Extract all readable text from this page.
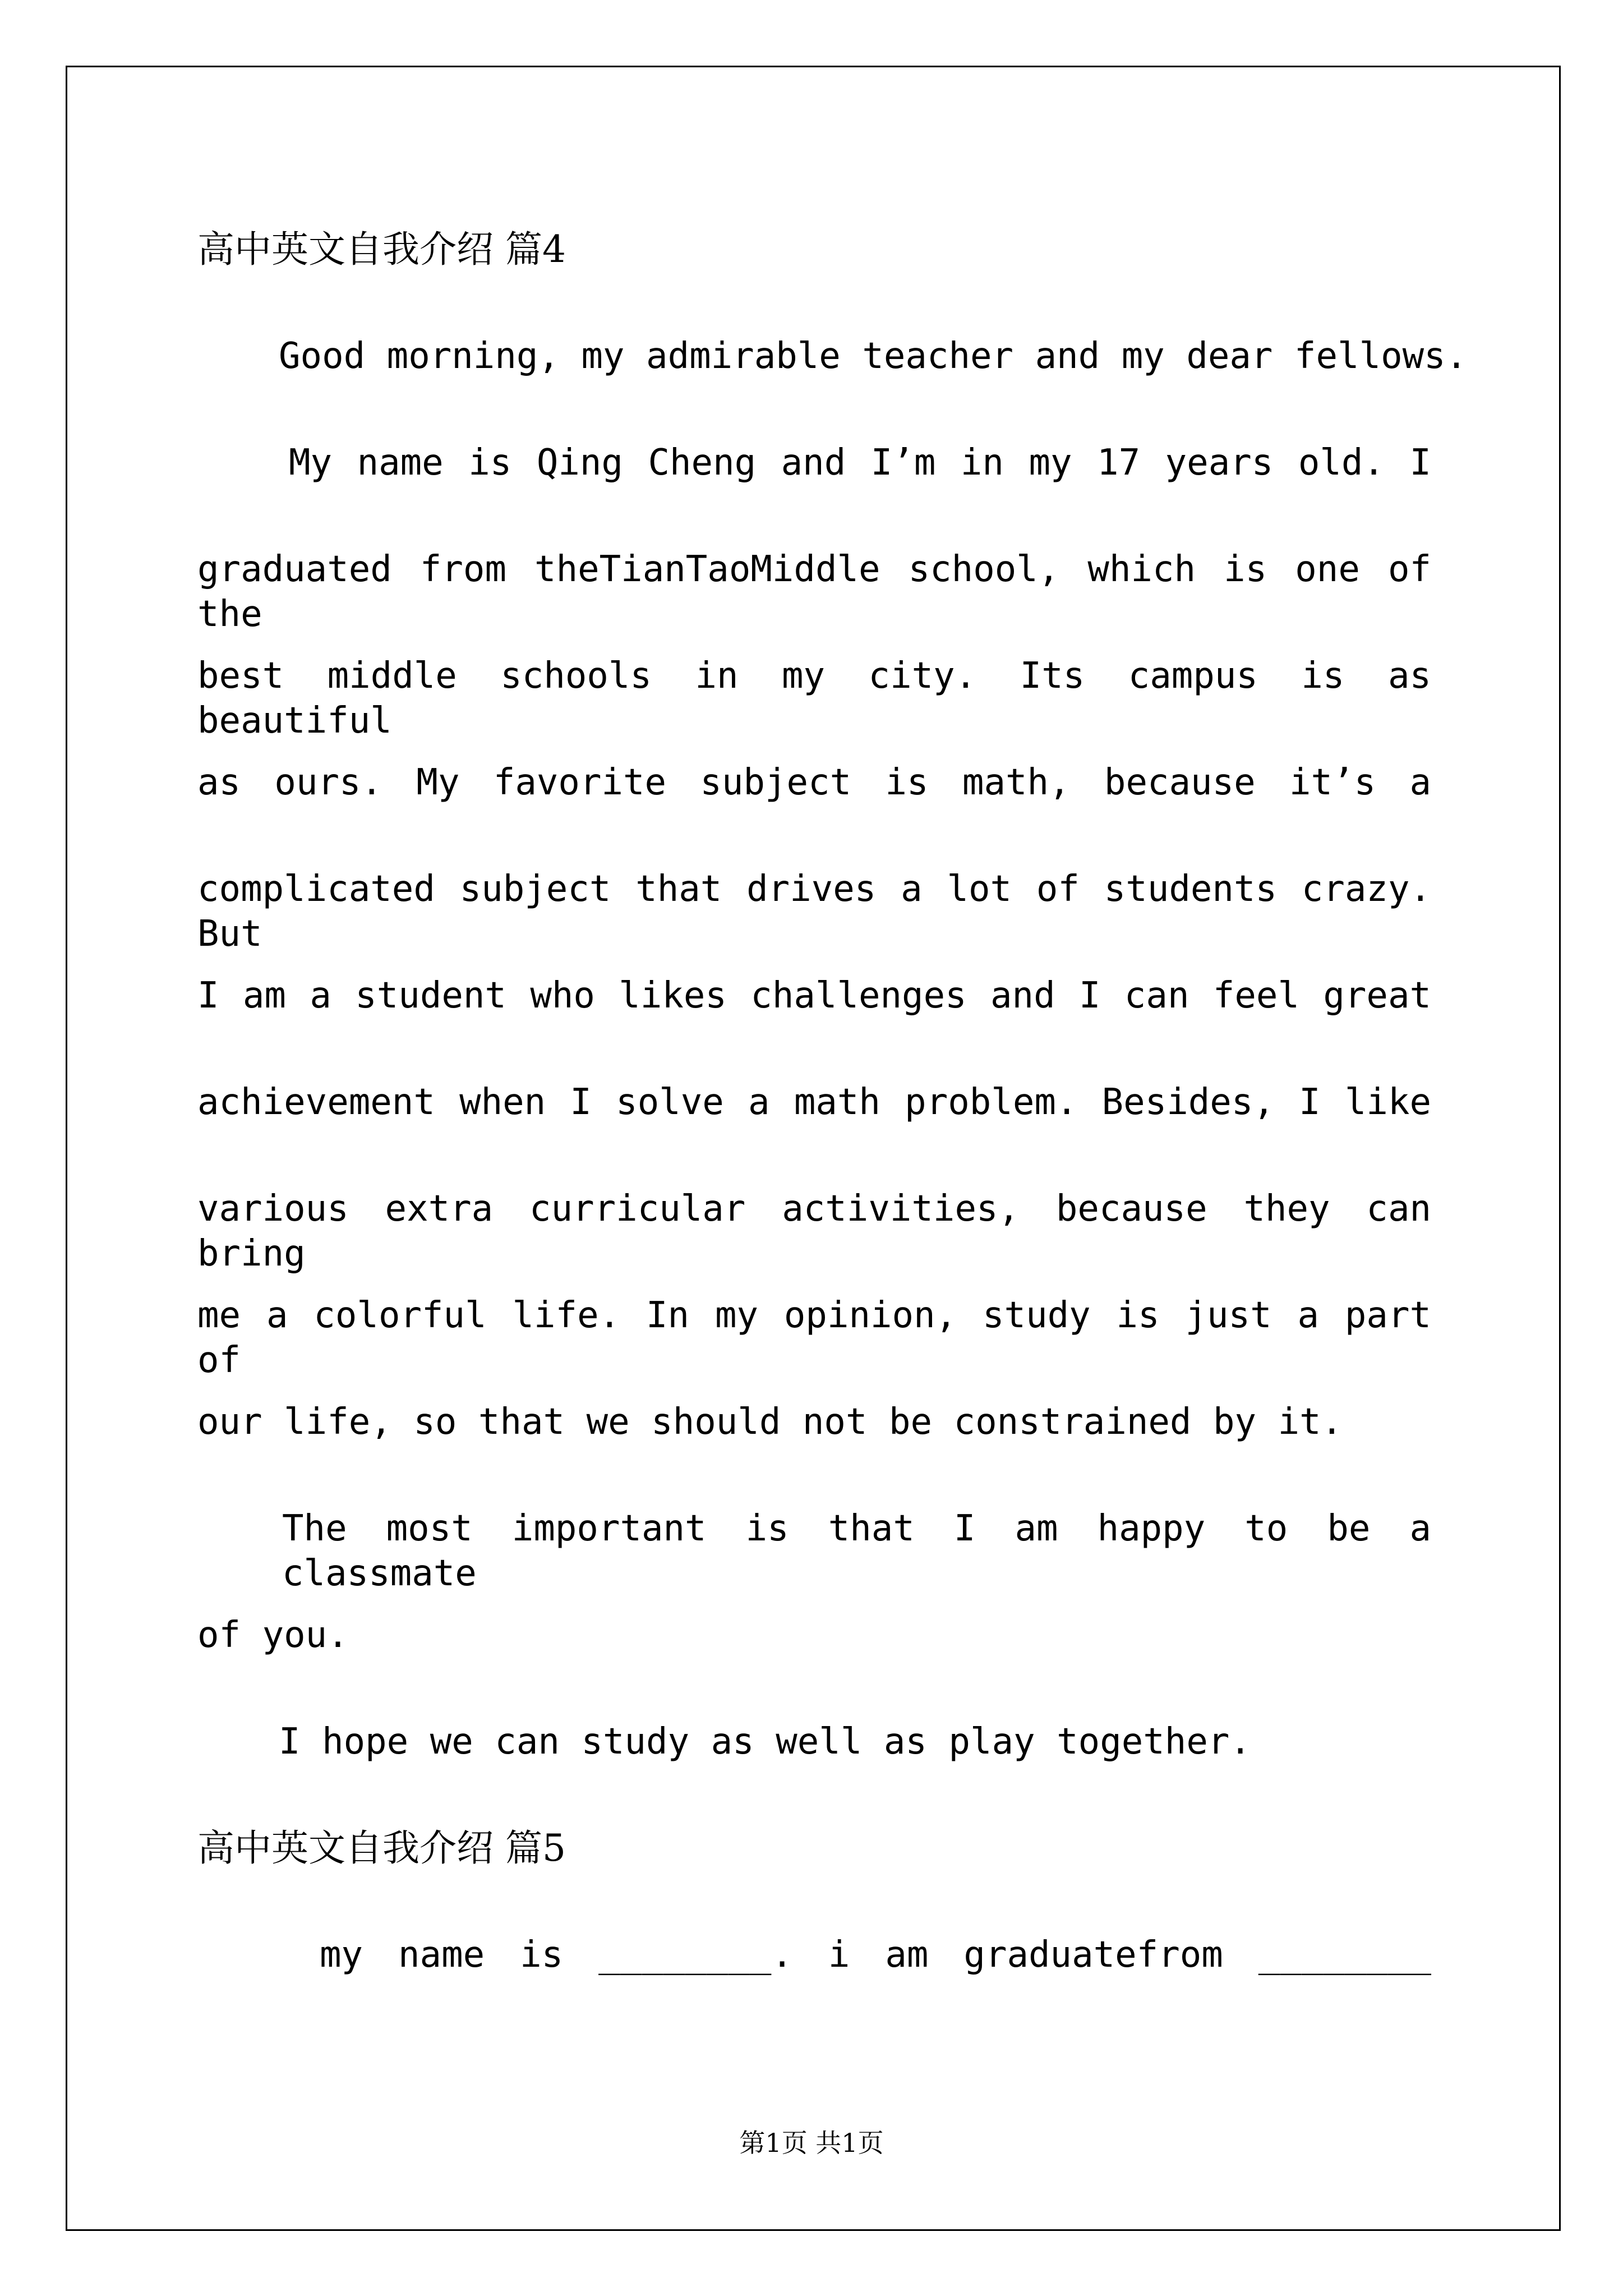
高中英文自我介绍 篇4
Good morning, my admirable teacher and my dear fellows.
My name is Qing Cheng and I’m in my 17 years old. I
graduated from theTianTaoMiddle school, which is one of the
best middle schools in my city. Its campus is as beautiful
as ours. My favorite subject is math, because it’s a
complicated subject that drives a lot of students crazy. But
I am a student who likes challenges and I can feel great
achievement when I solve a math problem. Besides, I like
various extra curricular activities, because they can bring
me a colorful life. In my opinion, study is just a part of
our life, so that we should not be constrained by it.
The most important is that I am happy to be a classmate
of you.
I hope we can study as well as play together.
高中英文自我介绍 篇5
my name is ________. i am graduatefrom ________
第1页 共1页
